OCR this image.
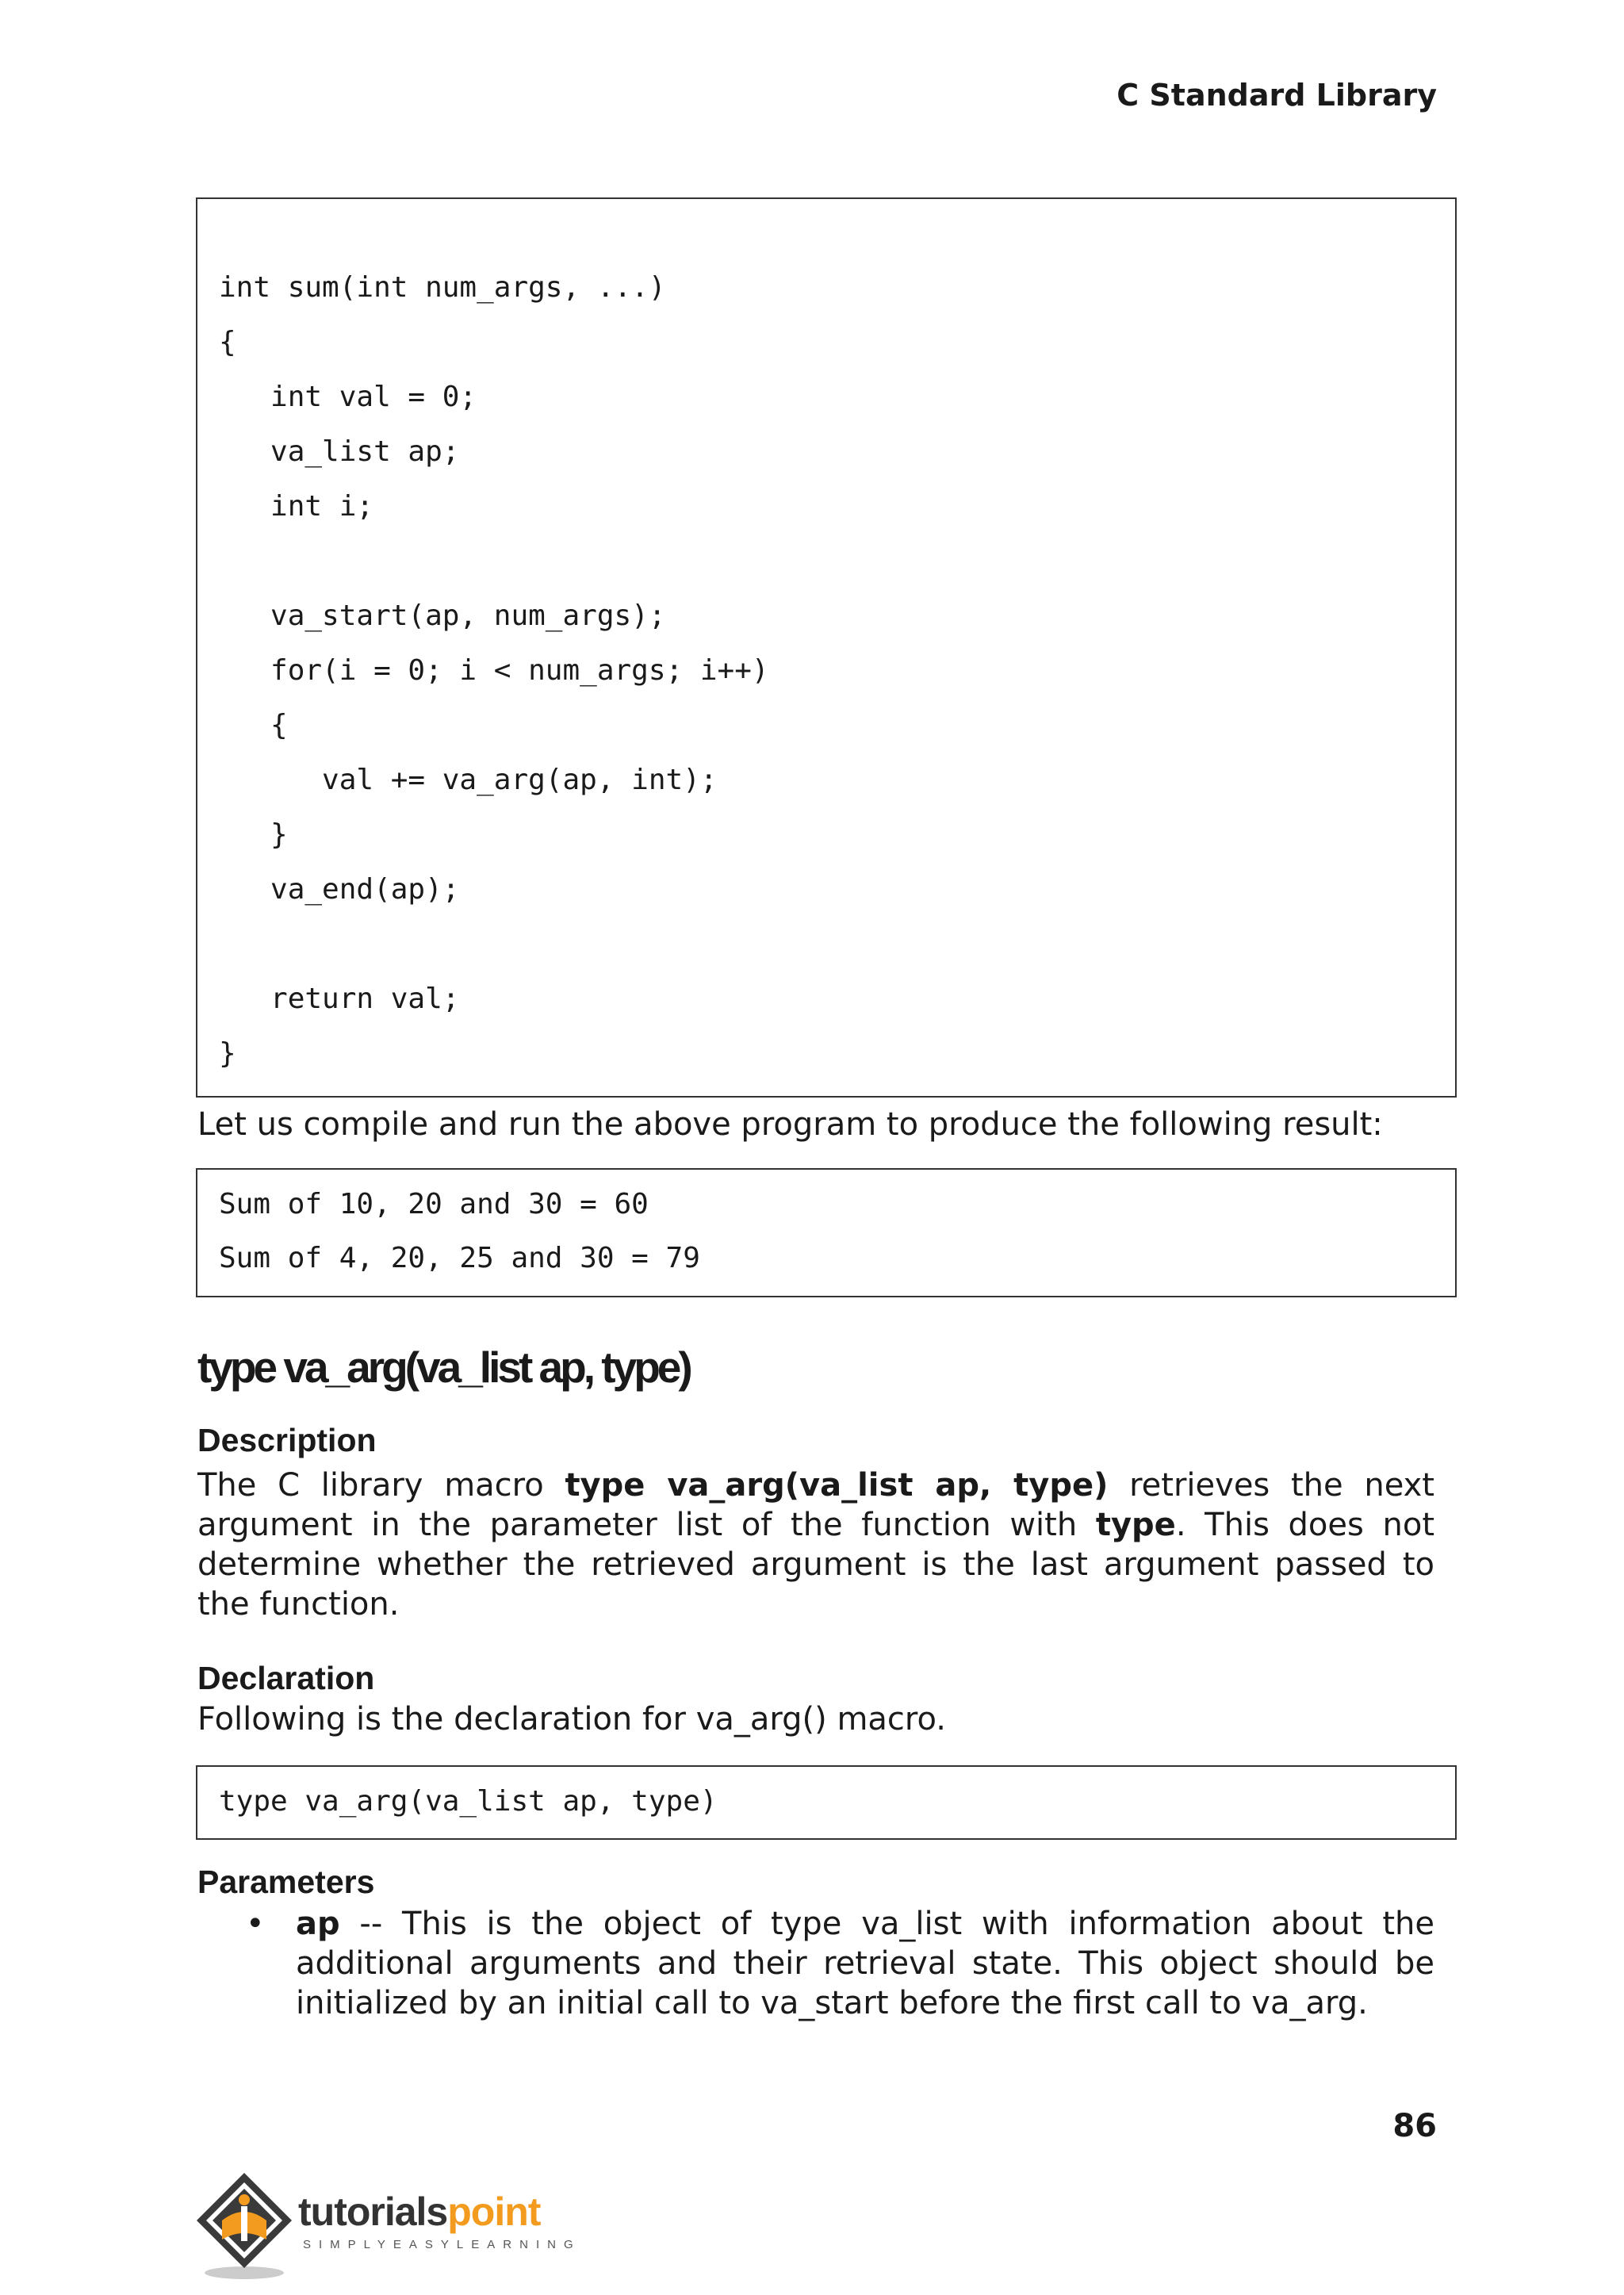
C Standard Library
int sum(int num_args, ...)
{
int val = 0;
va_list ap;
int i;
va_start(ap, num_args);
for(i = 0; i < num_args; i++)
{
val += va_arg(ap, int);
}
va_end(ap);
return val;
}
Let us compile and run the above program to produce the following result:
Sum of 10, 20 and 30 = 60
Sum of 4, 20, 25 and 30 = 79
type va_arg(va_list ap, type)
Description
The C library macro type va_arg(va_list ap, type) retrieves the next argument in the parameter list of the function with type. This does not determine whether the retrieved argument is the last argument passed to the function.
Declaration
Following is the declaration for va_arg() macro.
type va_arg(va_list ap, type)
Parameters
• ap -- This is the object of type va_list with information about the additional arguments and their retrieval state. This object should be initialized by an initial call to va_start before the first call to va_arg.
86
tutorialspoint
SIMPLYEASYLEARNING
